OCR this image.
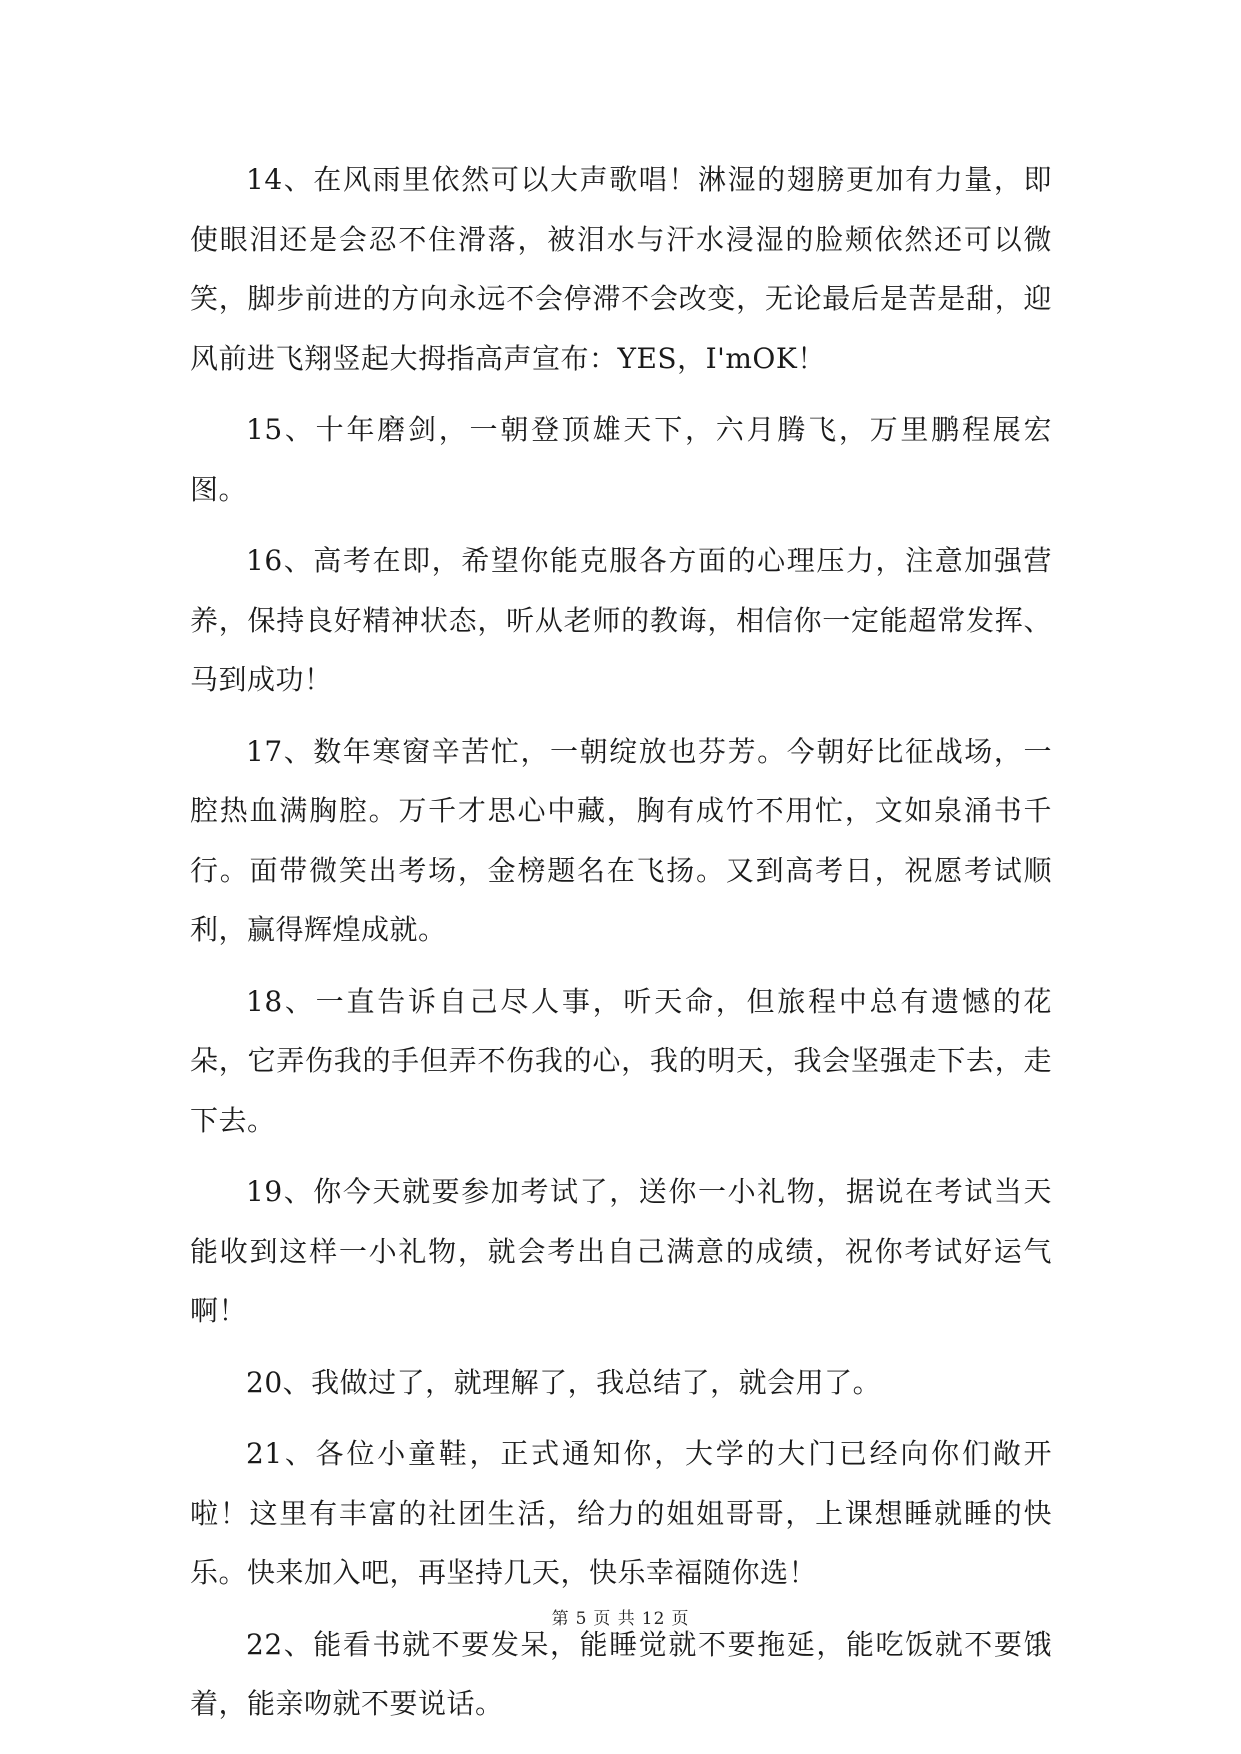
14、在风雨里依然可以大声歌唱！淋湿的翅膀更加有力量，即使眼泪还是会忍不住滑落，被泪水与汗水浸湿的脸颊依然还可以微笑，脚步前进的方向永远不会停滞不会改变，无论最后是苦是甜，迎风前进飞翔竖起大拇指高声宣布：YES，I'mOK！

15、十年磨剑，一朝登顶雄天下，六月腾飞，万里鹏程展宏图。

16、高考在即，希望你能克服各方面的心理压力，注意加强营养，保持良好精神状态，听从老师的教诲，相信你一定能超常发挥、马到成功！

17、数年寒窗辛苦忙，一朝绽放也芬芳。今朝好比征战场，一腔热血满胸腔。万千才思心中藏，胸有成竹不用忙，文如泉涌书千行。面带微笑出考场，金榜题名在飞扬。又到高考日，祝愿考试顺利，赢得辉煌成就。

18、一直告诉自己尽人事，听天命，但旅程中总有遗憾的花朵，它弄伤我的手但弄不伤我的心，我的明天，我会坚强走下去，走下去。

19、你今天就要参加考试了，送你一小礼物，据说在考试当天能收到这样一小礼物，就会考出自己满意的成绩，祝你考试好运气啊！

20、我做过了，就理解了，我总结了，就会用了。

21、各位小童鞋，正式通知你，大学的大门已经向你们敞开啦！这里有丰富的社团生活，给力的姐姐哥哥，上课想睡就睡的快乐。快来加入吧，再坚持几天，快乐幸福随你选！

22、能看书就不要发呆，能睡觉就不要拖延，能吃饭就不要饿着，能亲吻就不要说话。

第 5 页 共 12 页
